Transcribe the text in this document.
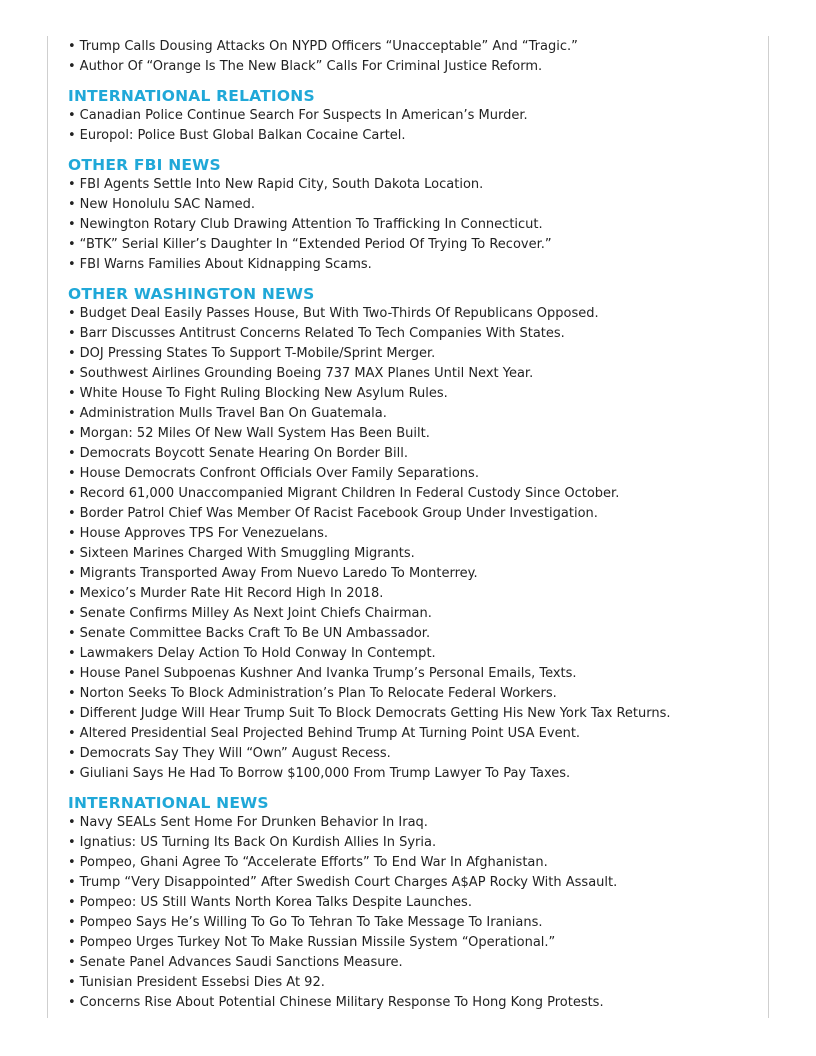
• Trump Calls Dousing Attacks On NYPD Officers “Unacceptable” And “Tragic.”
• Author Of “Orange Is The New Black” Calls For Criminal Justice Reform.
INTERNATIONAL RELATIONS
• Canadian Police Continue Search For Suspects In American’s Murder.
• Europol: Police Bust Global Balkan Cocaine Cartel.
OTHER FBI NEWS
• FBI Agents Settle Into New Rapid City, South Dakota Location.
• New Honolulu SAC Named.
• Newington Rotary Club Drawing Attention To Trafficking In Connecticut.
• “BTK” Serial Killer’s Daughter In “Extended Period Of Trying To Recover.”
• FBI Warns Families About Kidnapping Scams.
OTHER WASHINGTON NEWS
• Budget Deal Easily Passes House, But With Two-Thirds Of Republicans Opposed.
• Barr Discusses Antitrust Concerns Related To Tech Companies With States.
• DOJ Pressing States To Support T-Mobile/Sprint Merger.
• Southwest Airlines Grounding Boeing 737 MAX Planes Until Next Year.
• White House To Fight Ruling Blocking New Asylum Rules.
• Administration Mulls Travel Ban On Guatemala.
• Morgan: 52 Miles Of New Wall System Has Been Built.
• Democrats Boycott Senate Hearing On Border Bill.
• House Democrats Confront Officials Over Family Separations.
• Record 61,000 Unaccompanied Migrant Children In Federal Custody Since October.
• Border Patrol Chief Was Member Of Racist Facebook Group Under Investigation.
• House Approves TPS For Venezuelans.
• Sixteen Marines Charged With Smuggling Migrants.
• Migrants Transported Away From Nuevo Laredo To Monterrey.
• Mexico’s Murder Rate Hit Record High In 2018.
• Senate Confirms Milley As Next Joint Chiefs Chairman.
• Senate Committee Backs Craft To Be UN Ambassador.
• Lawmakers Delay Action To Hold Conway In Contempt.
• House Panel Subpoenas Kushner And Ivanka Trump’s Personal Emails, Texts.
• Norton Seeks To Block Administration’s Plan To Relocate Federal Workers.
• Different Judge Will Hear Trump Suit To Block Democrats Getting His New York Tax Returns.
• Altered Presidential Seal Projected Behind Trump At Turning Point USA Event.
• Democrats Say They Will “Own” August Recess.
• Giuliani Says He Had To Borrow $100,000 From Trump Lawyer To Pay Taxes.
INTERNATIONAL NEWS
• Navy SEALs Sent Home For Drunken Behavior In Iraq.
• Ignatius: US Turning Its Back On Kurdish Allies In Syria.
• Pompeo, Ghani Agree To “Accelerate Efforts” To End War In Afghanistan.
• Trump “Very Disappointed” After Swedish Court Charges A$AP Rocky With Assault.
• Pompeo: US Still Wants North Korea Talks Despite Launches.
• Pompeo Says He’s Willing To Go To Tehran To Take Message To Iranians.
• Pompeo Urges Turkey Not To Make Russian Missile System “Operational.”
• Senate Panel Advances Saudi Sanctions Measure.
• Tunisian President Essebsi Dies At 92.
• Concerns Rise About Potential Chinese Military Response To Hong Kong Protests.
